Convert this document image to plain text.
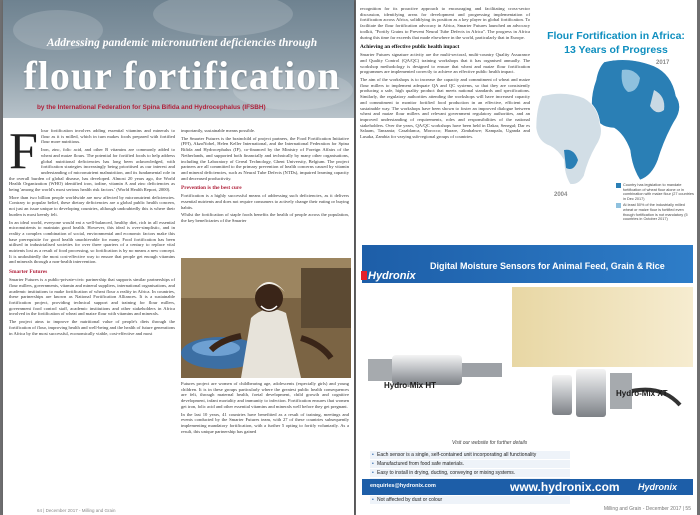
Addressing pandemic micronutrient deficiencies through
flour fortification
by the International Federation for Spina Bifida and Hydrocephalus (IFSBH)
F lour fortification involves adding essential vitamins and minerals to flour as it is milled, which in turn makes foods prepared with fortified flour more nutritious.

Iron, zinc, folic acid, and other B vitamins are commonly added to wheat and maize flours. The potential for fortified foods to help address global nutritional deficiencies has long been acknowledged, with fortification strategies increasingly being prioritised as our interest and understanding of micronutrient malnutrition, and its fundamental role in the overall burden of global disease, has developed. Almost 20 years ago, the World Health Organization (WHO) identified iron, iodine, vitamin A and zinc deficiencies as being 'among the world's most serious health risk factors.' (World Health Report, 2000).

More than two billion people worldwide are now affected by micronutrient deficiencies. Contrary to popular belief, these dietary deficiencies are a global public health concern, not just an issue unique to developing countries, although undoubtedly this is where their burden is most keenly felt.

In an ideal world, everyone would eat a well-balanced, healthy diet, rich in all essential micronutrients to maintain good health. However, this ideal is over-simplistic, and in reality a complex combination of social, environmental and economic factors make this base prerequisite for good health unachievable for many. Food fortification has been utilised in industrialised societies for over three quarters of a century to replace vital nutrients lost as a result of food processing, so fortification is by no means a new concept. It is undoubtedly the most cost-effective way to ensure that people get enough vitamins and minerals through a non-health intervention.

Smarter Futures

Smarter Futures is a public-private-civic partnership that supports similar partnerships of flour millers, governments, vitamin and mineral suppliers, international organisations, and academic institutions to make fortification of wheat flour a reality in Africa. In countries, these partnerships are known as National Fortification Alliances. It is a sustainable fortification project, providing technical support and training for flour millers, government food control staff, academic institutions and other stakeholders in Africa involved in the fortification of wheat and maize flour with vitamins and minerals.

The project aims to improve the nutritional value of people's diets through the fortification of flour, improving health and well-being and the health of future generations in Africa by the most successful, economically viable, cost-effective and most

importantly, sustainable means possible.

The Smarter Futures is the brainchild of project partners, the Food Fortification Initiative (FFI), AkzoNobel, Helen Keller International, and the International Federation for Spina Bifida and Hydrocephalus (IF), co-financed by the Ministry of Foreign Affairs of the Netherlands, and supported both financially and technically by many other organisations, including the Laboratory of Cereal Technology, Ghent University, Belgium. The project partners are all committed to the primary prevention of health concerns caused by vitamin and mineral deficiencies, such as Neural Tube Defects (NTDs), impaired learning capacity and decreased productivity.

Prevention is the best cure

Fortification is a highly successful means of addressing such deficiencies, as it delivers essential nutrients and does not require consumers to actively change their eating or buying habits.

Whilst the fortification of staple foods benefits the health of people across the population, the key beneficiaries of the Smarter

Futures project are women of childbearing age, adolescents (especially girls) and young children. It is in these groups particularly where the greatest public health consequences are felt, through maternal health, foetal development, child growth and cognitive development, infant mortality and immunity to infection. Fortification ensures that women get iron, folic acid and other essential vitamins and minerals well before they get pregnant.

In the last 10 years, 41 countries have benefitted as a result of training, meetings and events conducted by the Smarter Futures team, with 27 of these countries subsequently implementing mandatory fortification, with a further 5 opting to fortify voluntarily. As a result, this unique partnership has gained

64 | December 2017 - Milling and Grain

recognition for its proactive approach to encouraging and facilitating cross-sector discussion, identifying areas for development and progressing implementation of fortification across Africa, solidifying its position as a key player in global fortification. To facilitate the flour fortification advocacy in Africa, Smarter Futures launched an advocacy toolkit, "Fortify Grains to Prevent Neural Tube Defects in Africa". The progress in Africa during this time far exceeds that made elsewhere in the world, particularly that in Europe.

Achieving an effective public health impact

Smarter Futures signature activity are the multi-sectoral, multi-country Quality Assurance and Quality Control (QA/QC) training workshops that it has organised annually. The workshop methodology is designed to ensure that wheat and maize flour fortification programmes are implemented correctly to achieve an effective public health impact.

The aim of the workshops is to increase the capacity and commitment of wheat and maize flour millers to implement adequate QA and QC systems, so that they are consistently producing a safe, high quality product that meets national standards and specifications. Similarly, the regulatory authorities attending the workshops will have increased capacity and commitment to monitor fortified food production in an effective, efficient and sustainable way. The workshops have been shown to foster an improved dialogue between wheat and maize flour millers and relevant government regulatory authorities, and an improved understanding of requirements, roles and responsibilities of the national stakeholders. Over the years, QA/QC workshops have been held in Dakar, Senegal; Dar es Salaam, Tanzania; Casablanca, Morocco; Harare, Zimbabwe; Kampala, Uganda and Lusaka, Zambia for varying sub-regional groups of countries.

Flour Fortification in Africa:
13 Years of Progress
2017
2004
Country has legislation to mandate fortification of wheat flour alone or in combination with maize flour (27 countries in Dec 2017)
At least 50% of the industrially milled wheat or maize flour is fortified even though fortification is not mandatory (5 countries in October 2017)
Digital Moisture Sensors for Animal Feed, Grain & Rice
Hydronix
Hydro-Mix HT
Hydro-Mix XT
Visit our website for further details
• Each sensor is a single, self-contained unit incorporating all functionality
• Manufactured from food safe materials.
• Easy to install in drying, ducting, conveying or mixing systems.
•
•
• Not affected by dust or colour
enquiries@hydronix.com	www.hydronix.com Hydronix
Milling and Grain - December 2017 | 55
